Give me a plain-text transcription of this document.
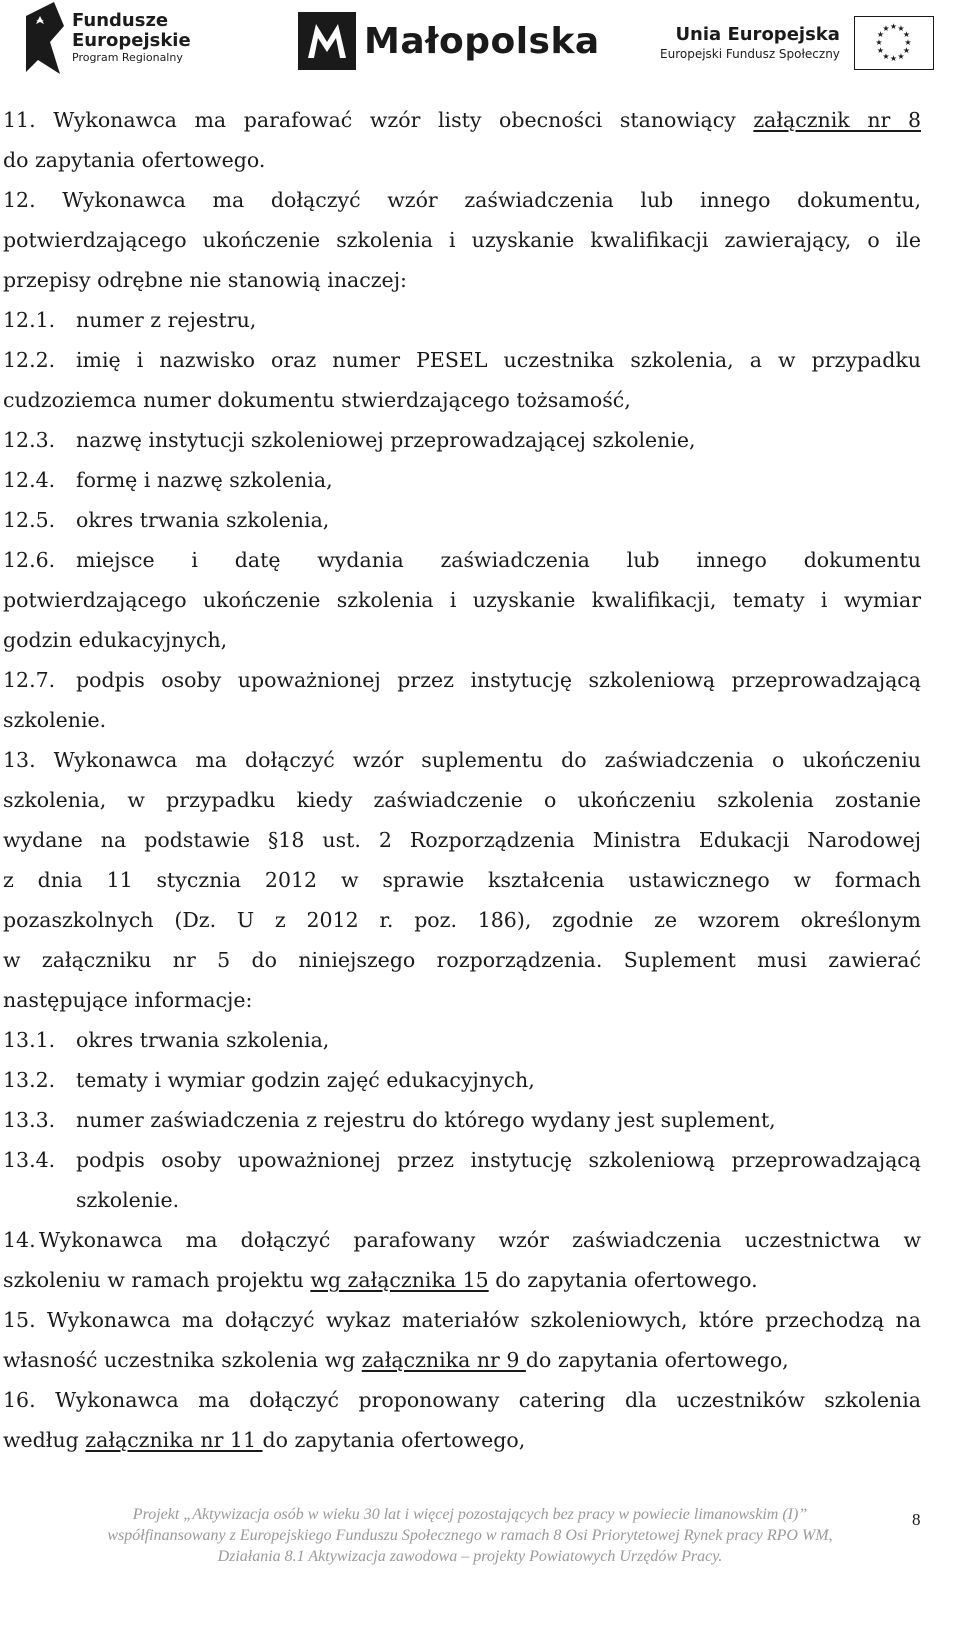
Fundusze
Europejskie
Program Regionalny	Małopolska	Unia Europejska
Europejski Fundusz Społeczny
★ ★
★
★
★
★
★
★
★
★
★
★

11. Wykonawca ma parafować wzór listy obecności stanowiący załącznik nr 8

do zapytania ofertowego.

12. Wykonawca ma dołączyć wzór zaświadczenia lub innego dokumentu,

potwierdzającego ukończenie szkolenia i uzyskanie kwalifikacji zawierający, o ile

przepisy odrębne nie stanowią inaczej:

12.1.	numer z rejestru,
12.2.	imię i nazwisko oraz numer PESEL uczestnika szkolenia, a w przypadku

cudzoziemca numer dokumentu stwierdzającego tożsamość,

12.3.	nazwę instytucji szkoleniowej przeprowadzającej szkolenie,
12.4.	formę i nazwę szkolenia,
12.5.	okres trwania szkolenia,
12.6.	miejsce i datę wydania zaświadczenia lub innego dokumentu

potwierdzającego ukończenie szkolenia i uzyskanie kwalifikacji, tematy i wymiar

godzin edukacyjnych,

12.7.	podpis osoby upoważnionej przez instytucję szkoleniową przeprowadzającą

szkolenie.

13. Wykonawca ma dołączyć wzór suplementu do zaświadczenia o ukończeniu

szkolenia, w przypadku kiedy zaświadczenie o ukończeniu szkolenia zostanie

wydane na podstawie §18 ust. 2 Rozporządzenia Ministra Edukacji Narodowej

z dnia 11 stycznia 2012 w sprawie kształcenia ustawicznego w formach

pozaszkolnych (Dz. U z 2012 r. poz. 186), zgodnie ze wzorem określonym

w załączniku nr 5 do niniejszego rozporządzenia. Suplement musi zawierać

następujące informacje:

13.1.	okres trwania szkolenia,
13.2.	tematy i wymiar godzin zajęć edukacyjnych,
13.3.	numer zaświadczenia z rejestru do którego wydany jest suplement,
13.4.	podpis osoby upoważnionej przez instytucję szkoleniową przeprowadzającą
szkolenie.
14. Wykonawca ma dołączyć parafowany wzór zaświadczenia uczestnictwa w

szkoleniu w ramach projektu wg załącznika 15 do zapytania ofertowego.

15. Wykonawca ma dołączyć wykaz materiałów szkoleniowych, które przechodzą na

własność uczestnika szkolenia wg załącznika nr 9 do zapytania ofertowego,

16. Wykonawca ma dołączyć proponowany catering dla uczestników szkolenia

według załącznika nr 11 do zapytania ofertowego,

Projekt „Aktywizacja osób w wieku 30 lat i więcej pozostających bez pracy w powiecie limanowskim (I)”
współfinansowany z Europejskiego Funduszu Społecznego w ramach 8 Osi Priorytetowej Rynek pracy RPO WM,
Działania 8.1 Aktywizacja zawodowa – projekty Powiatowych Urzędów Pracy.
8
